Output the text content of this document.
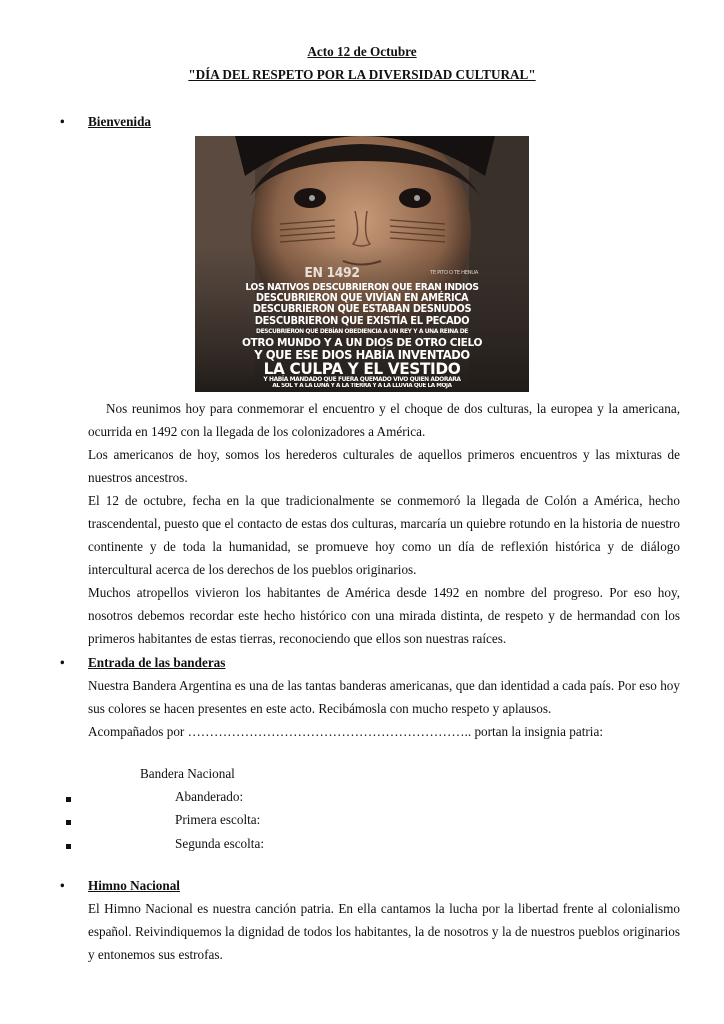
Acto 12 de Octubre
"DÍA DEL RESPETO POR LA DIVERSIDAD CULTURAL"
• Bienvenida
EN 1492	TE PITO O TE HENUA
LOS NATIVOS DESCUBRIERON QUE ERAN INDIOS
DESCUBRIERON QUE VIVÍAN EN AMÉRICA
DESCUBRIERON QUE ESTABAN DESNUDOS
DESCUBRIERON QUE EXISTÍA EL PECADO
DESCUBRIERON QUE DEBÍAN OBEDIENCIA A UN REY Y A UNA REINA DE
OTRO MUNDO Y A UN DIOS DE OTRO CIELO
Y QUE ESE DIOS HABÍA INVENTADO
LA CULPA Y EL VESTIDO
Y HABÍA MANDADO QUE FUERA QUEMADO VIVO QUIEN ADORARA
AL SOL Y A LA LUNA Y A LA TIERRA Y A LA LLUVIA QUE LA MOJA
Nos reunimos hoy para conmemorar el encuentro y el choque de dos culturas, la europea y la americana, ocurrida en 1492 con la llegada de los colonizadores a América.
Los americanos de hoy, somos los herederos culturales de aquellos primeros encuentros y las mixturas de nuestros ancestros.
El 12 de octubre, fecha en la que tradicionalmente se conmemoró la llegada de Colón a América, hecho trascendental, puesto que el contacto de estas dos culturas, marcaría un quiebre rotundo en la historia de nuestro continente y de toda la humanidad, se promueve hoy como un día de reflexión histórica y de diálogo intercultural acerca de los derechos de los pueblos originarios.
Muchos atropellos vivieron los habitantes de América desde 1492 en nombre del progreso. Por eso hoy, nosotros debemos recordar este hecho histórico con una mirada distinta, de respeto y de hermandad con los primeros habitantes de estas tierras, reconociendo que ellos son nuestras raíces.
• Entrada de las banderas
Nuestra Bandera Argentina es una de las tantas banderas americanas, que dan identidad a cada país. Por eso hoy sus colores se hacen presentes en este acto. Recibámosla con mucho respeto y aplausos.
Acompañados por ……………………………………………………….. portan la insignia patria:
Bandera Nacional
Abanderado:
Primera escolta:
Segunda escolta:
• Himno Nacional
El Himno Nacional es nuestra canción patria. En ella cantamos la lucha por la libertad frente al colonialismo español. Reivindiquemos la dignidad de todos los habitantes, la de nosotros y la de nuestros pueblos originarios y entonemos sus estrofas.
